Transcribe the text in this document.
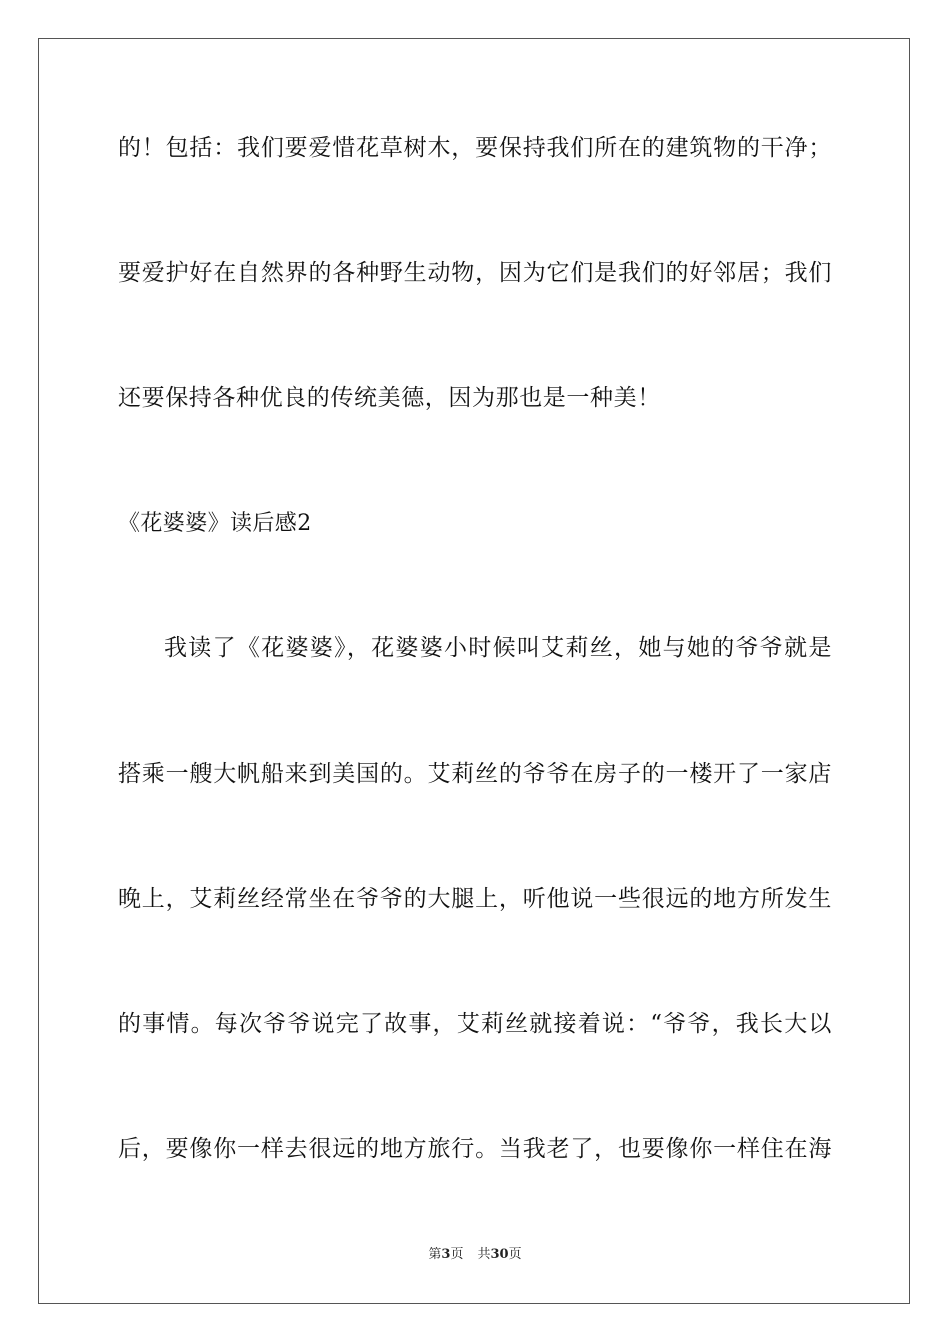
的！包括：我们要爱惜花草树木，要保持我们所在的建筑物的干净；
要爱护好在自然界的各种野生动物，因为它们是我们的好邻居；我们
还要保持各种优良的传统美德，因为那也是一种美！
《花婆婆》读后感2
我读了《花婆婆》，花婆婆小时候叫艾莉丝，她与她的爷爷就是
搭乘一艘大帆船来到美国的。艾莉丝的爷爷在房子的一楼开了一家店
晚上，艾莉丝经常坐在爷爷的大腿上，听他说一些很远的地方所发生
的事情。每次爷爷说完了故事，艾莉丝就接着说：“爷爷，我长大以
后，要像你一样去很远的地方旅行。当我老了，也要像你一样住在海
第3页 共30页
